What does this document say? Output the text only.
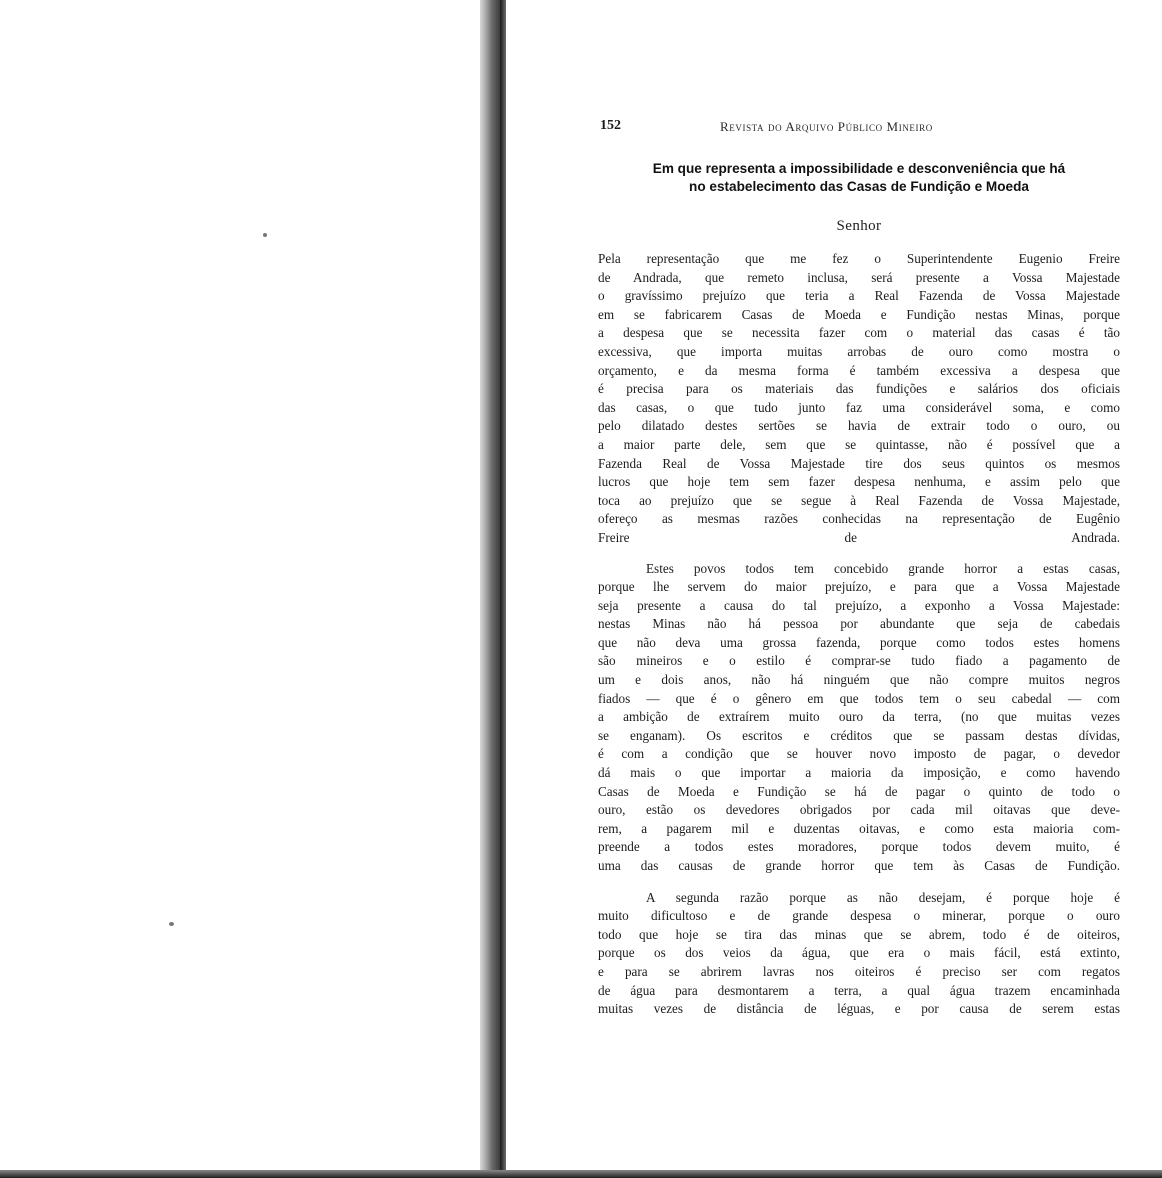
152	Revista do Arquivo Público Mineiro
Em que representa a impossibilidade e desconveniência que há
no estabelecimento das Casas de Fundição e Moeda
Senhor
Pela representação que me fez o Superintendente Eugenio Freire
de Andrada, que remeto inclusa, será presente a Vossa Majestade
o gravíssimo prejuízo que teria a Real Fazenda de Vossa Majestade
em se fabricarem Casas de Moeda e Fundição nestas Minas, porque
a despesa que se necessita fazer com o material das casas é tão
excessiva, que importa muitas arrobas de ouro como mostra o
orçamento, e da mesma forma é também excessiva a despesa que
é precisa para os materiais das fundições e salários dos oficiais
das casas, o que tudo junto faz uma considerável soma, e como
pelo dilatado destes sertões se havia de extrair todo o ouro, ou
a maior parte dele, sem que se quintasse, não é possível que a
Fazenda Real de Vossa Majestade tire dos seus quintos os mesmos
lucros que hoje tem sem fazer despesa nenhuma, e assim pelo que
toca ao prejuízo que se segue à Real Fazenda de Vossa Majestade,
ofereço as mesmas razões conhecidas na representação de Eugênio
Freire de Andrada.
Estes povos todos tem concebido grande horror a estas casas,
porque lhe servem do maior prejuízo, e para que a Vossa Majestade
seja presente a causa do tal prejuízo, a exponho a Vossa Majestade:
nestas Minas não há pessoa por abundante que seja de cabedais
que não deva uma grossa fazenda, porque como todos estes homens
são mineiros e o estilo é comprar-se tudo fiado a pagamento de
um e dois anos, não há ninguém que não compre muitos negros
fiados — que é o gênero em que todos tem o seu cabedal — com
a ambição de extraírem muito ouro da terra, (no que muitas vezes
se enganam). Os escritos e créditos que se passam destas dívidas,
é com a condição que se houver novo imposto de pagar, o devedor
dá mais o que importar a maioria da imposição, e como havendo
Casas de Moeda e Fundição se há de pagar o quinto de todo o
ouro, estão os devedores obrigados por cada mil oitavas que deve-
rem, a pagarem mil e duzentas oitavas, e como esta maioria com-
preende a todos estes moradores, porque todos devem muito, é
uma das causas de grande horror que tem às Casas de Fundição.
A segunda razão porque as não desejam, é porque hoje é
muito dificultoso e de grande despesa o minerar, porque o ouro
todo que hoje se tira das minas que se abrem, todo é de oiteiros,
porque os dos veios da água, que era o mais fácil, está extinto,
e para se abrirem lavras nos oiteiros é preciso ser com regatos
de água para desmontarem a terra, a qual água trazem encaminhada
muitas vezes de distância de léguas, e por causa de serem estas
